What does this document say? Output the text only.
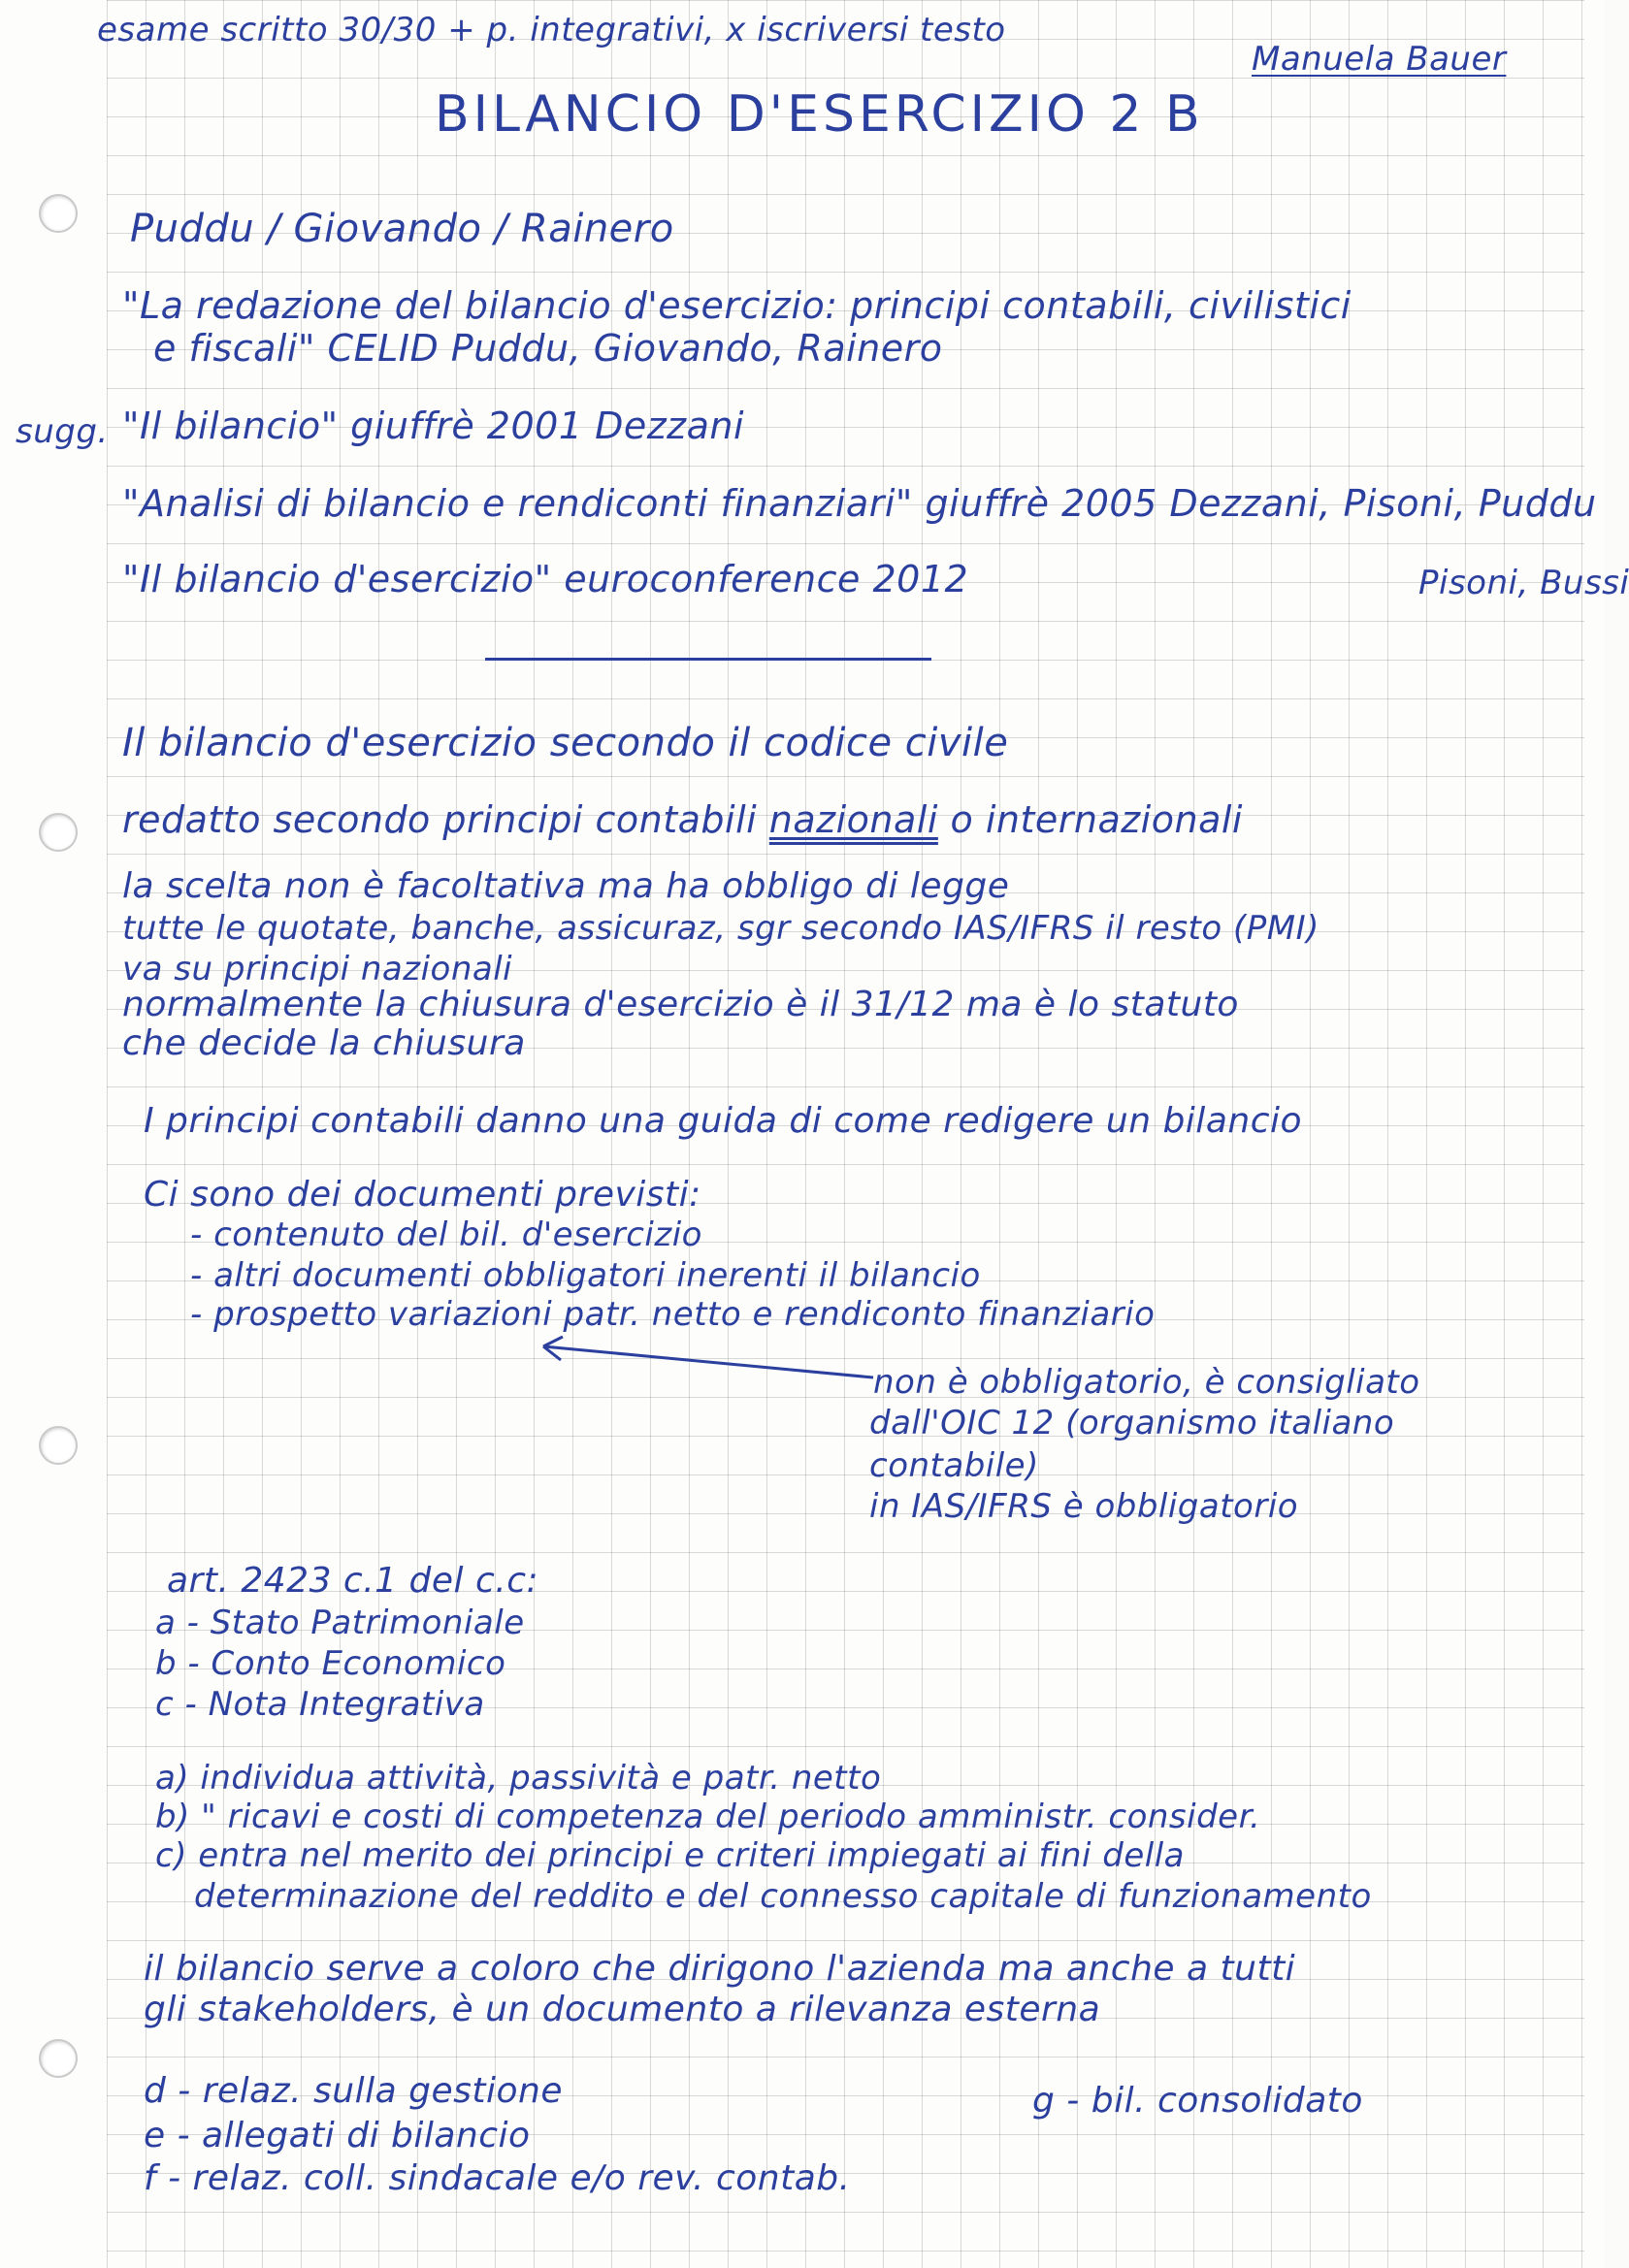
esame scritto 30/30 + p. integrativi, x iscriversi testo

Manuela Bauer

BILANCIO D'ESERCIZIO 2 B

Puddu / Giovando / Rainero

sugg.

"La redazione del bilancio d'esercizio: principi contabili, civilistici

e fiscali" CELID Puddu, Giovando, Rainero

"Il bilancio" giuffrè 2001 Dezzani

"Analisi di bilancio e rendiconti finanziari" giuffrè 2005 Dezzani, Pisoni, Puddu

"Il bilancio d'esercizio" euroconference 2012	Pisoni, Bussi

Il bilancio d'esercizio secondo il codice civile

redatto secondo principi contabili nazionali o internazionali

la scelta non è facoltativa ma ha obbligo di legge

tutte le quotate, banche, assicuraz, sgr secondo IAS/IFRS il resto (PMI)

va su principi nazionali

normalmente la chiusura d'esercizio è il 31/12 ma è lo statuto

che decide la chiusura

I principi contabili danno una guida di come redigere un bilancio

Ci sono dei documenti previsti:

- contenuto del bil. d'esercizio

- altri documenti obbligatori inerenti il bilancio

- prospetto variazioni patr. netto e rendiconto finanziario

non è obbligatorio, è consigliato

dall'OIC 12 (organismo italiano

contabile)

in IAS/IFRS è obbligatorio

art. 2423 c.1 del c.c:

a - Stato Patrimoniale

b - Conto Economico

c - Nota Integrativa

a) individua attività, passività e patr. netto

b) " ricavi e costi di competenza del periodo amministr. consider.

c) entra nel merito dei principi e criteri impiegati ai fini della

determinazione del reddito e del connesso capitale di funzionamento

il bilancio serve a coloro che dirigono l'azienda ma anche a tutti

gli stakeholders, è un documento a rilevanza esterna

d - relaz. sulla gestione

e - allegati di bilancio

f - relaz. coll. sindacale e/o rev. contab.

g - bil. consolidato
